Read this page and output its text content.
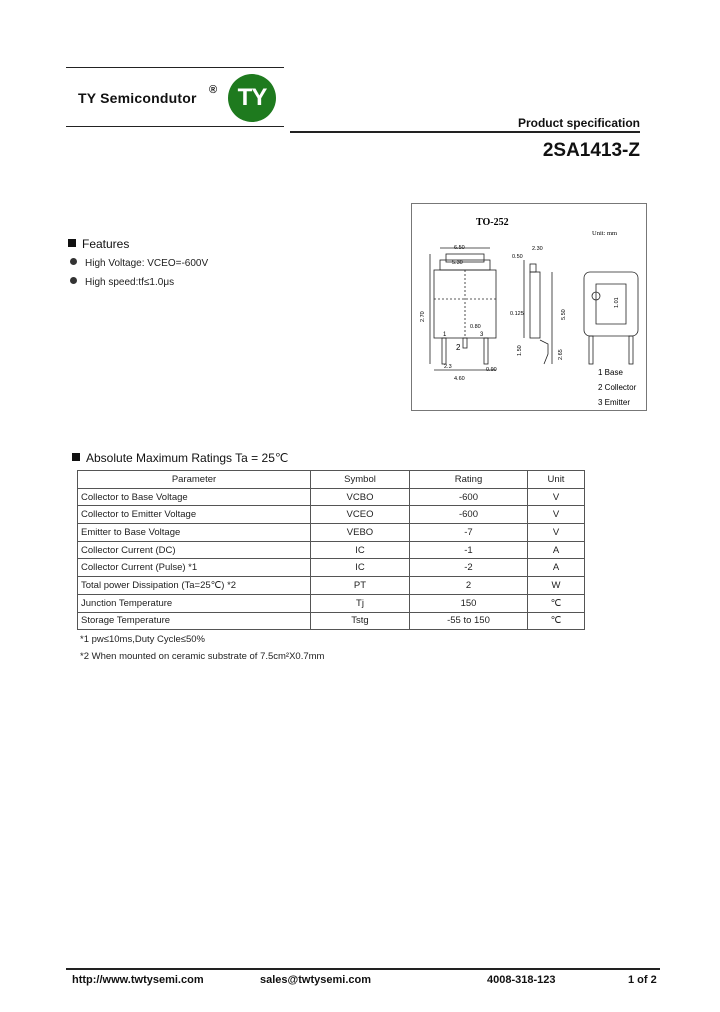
TY Semicondutor ® TY
Product specification
2SA1413-Z
Features
High Voltage: VCEO=-600V
High speed:tf≤1.0μs
TO-252
Unit: mm
6.50
5.30
4.60
2.3	0.90
0.80
0.125
1
2
3
2.70
2.30
0.50
5.50
1.50	2.65
1.01
1 Base
2 Collector
3 Emitter
Absolute Maximum Ratings Ta = 25℃
Parameter	Symbol	Rating	Unit
Collector to Base Voltage	VCBO	-600	V
Collector to Emitter Voltage	VCEO	-600	V
Emitter to Base Voltage	VEBO	-7	V
Collector Current (DC)	IC	-1	A
Collector Current (Pulse) *1	IC	-2	A
Total power Dissipation (Ta=25℃) *2	PT	2	W
Junction Temperature	Tj	150	℃
Storage Temperature	Tstg	-55 to 150	℃
*1 pw≤10ms,Duty Cycle≤50%
*2 When mounted on ceramic substrate of 7.5cm²X0.7mm
http://www.twtysemi.com	sales@twtysemi.com	4008-318-123	1 of 2
